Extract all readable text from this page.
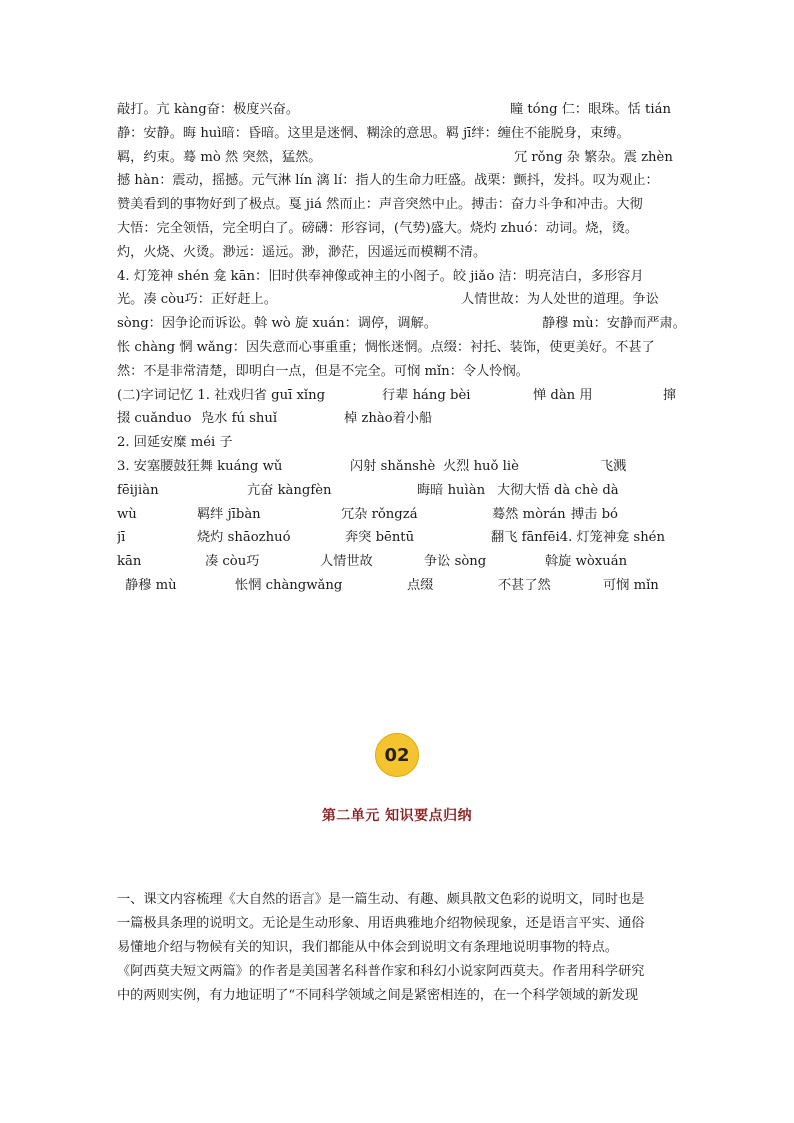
敲打。亢 kàng奋：极度兴奋。	瞳 tóng 仁：眼珠。恬 tián
静：安静。晦 huì暗：昏暗。这里是迷惘、糊涂的意思。羁 jī绊：缠住不能脱身，束缚。
羁，约束。蓦 mò 然 突然，猛然。	冗 rǒng 杂 繁杂。震 zhèn
撼 hàn：震动，摇撼。元气淋 lín 漓 lí：指人的生命力旺盛。战栗：颤抖，发抖。叹为观止：
赞美看到的事物好到了极点。戛 jiá 然而止：声音突然中止。搏击：奋力斗争和冲击。大彻
大悟：完全领悟，完全明白了。磅礴：形容词，(气势)盛大。烧灼 zhuó：动词。烧，烫。
灼，火烧、火烫。渺远：遥远。渺，渺茫，因遥远而模糊不清。
4. 灯笼神 shén 龛 kān：旧时供奉神像或神主的小阁子。皎 jiǎo 洁：明亮洁白，多形容月
光。凑 còu巧：正好赶上。	人情世故：为人处世的道理。争讼
sòng：因争论而诉讼。斡 wò 旋 xuán：调停，调解。	静穆 mù：安静而严肃。
怅 chàng 惘 wǎng：因失意而心事重重；惆怅迷惘。点缀：衬托、装饰，使更美好。不甚了
然：不是非常清楚，即明白一点，但是不完全。可悯 mǐn：令人怜悯。
(二)字词记忆 1. 社戏归省 guī xǐng	行辈 háng bèi	惮 dàn 用	撺
掇 cuǎnduo 凫水 fú shuǐ	棹 zhào着小船
2. 回延安糜 méi 子
3. 安塞腰鼓狂舞 kuáng wǔ	闪射 shǎnshè 火烈 huǒ liè	飞溅
fēijiàn	亢奋 kàngfèn	晦暗 huìàn 大彻大悟 dà chè dà
wù	羁绊 jībàn	冗杂 rǒngzá	蓦然 mòrán 搏击 bó
jī	烧灼 shāozhuó	奔突 bēntū	翻飞 fānfēi4. 灯笼神龛 shén
kān	凑 còu巧	人情世故	争讼 sòng	斡旋 wòxuán
静穆 mù	怅惘 chàngwǎng	点缀	不甚了然	可悯 mǐn
02
第二单元 知识要点归纳
一、课文内容梳理《大自然的语言》是一篇生动、有趣、颇具散文色彩的说明文，同时也是
一篇极具条理的说明文。无论是生动形象、用语典雅地介绍物候现象，还是语言平实、通俗
易懂地介绍与物候有关的知识，我们都能从中体会到说明文有条理地说明事物的特点。
《阿西莫夫短文两篇》的作者是美国著名科普作家和科幻小说家阿西莫夫。作者用科学研究
中的两则实例，有力地证明了“不同科学领域之间是紧密相连的，在一个科学领域的新发现
